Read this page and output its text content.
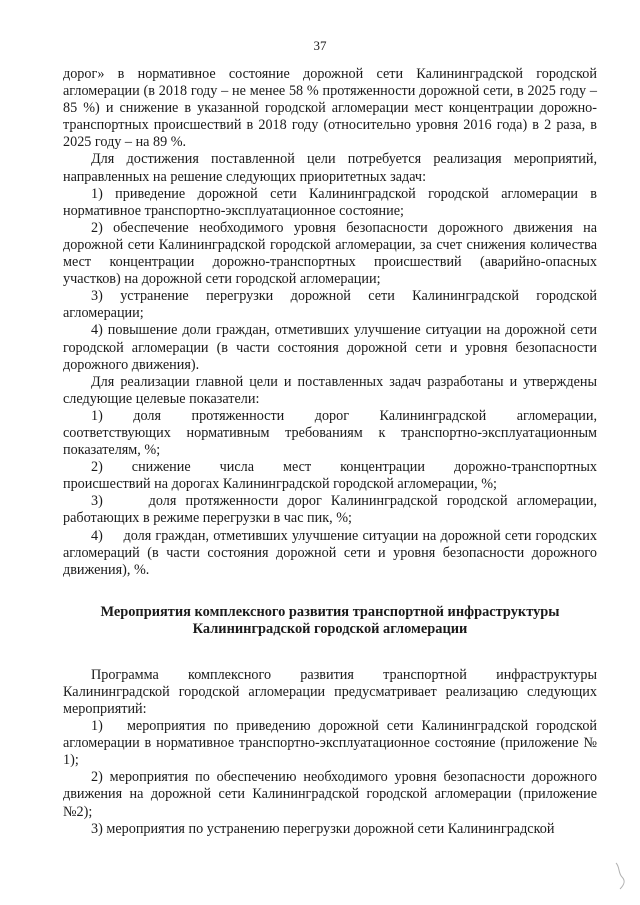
37

дорог» в нормативное состояние дорожной сети Калининградской городской агломерации (в 2018 году – не менее 58 % протяженности дорожной сети, в 2025 году – 85 %) и снижение в указанной городской агломерации мест концентрации дорожно-транспортных происшествий в 2018 году (относительно уровня 2016 года) в 2 раза, в 2025 году – на 89 %.

Для достижения поставленной цели потребуется реализация мероприятий, направленных на решение следующих приоритетных задач:

1) приведение дорожной сети Калининградской городской агломерации в нормативное транспортно-эксплуатационное состояние;

2) обеспечение необходимого уровня безопасности дорожного движения на дорожной сети Калининградской городской агломерации, за счет снижения количества мест концентрации дорожно-транспортных происшествий (аварийно-опасных участков) на дорожной сети городской агломерации;

3) устранение перегрузки дорожной сети Калининградской городской агломерации;

4) повышение доли граждан, отметивших улучшение ситуации на дорожной сети городской агломерации (в части состояния дорожной сети и уровня безопасности дорожного движения).

Для реализации главной цели и поставленных задач разработаны и утверждены следующие целевые показатели:

1)     доля     протяженности     дорог     Калининградской     агломерации, соответствующих нормативным требованиям к транспортно-эксплуатационным показателям, %;

2)     снижение     числа     мест     концентрации     дорожно-транспортных происшествий на дорогах Калининградской городской агломерации, %;

3)     доля протяженности дорог Калининградской городской агломерации, работающих в режиме перегрузки в час пик, %;

4)     доля граждан, отметивших улучшение ситуации на дорожной сети городских агломераций (в части состояния дорожной сети и уровня безопасности дорожного движения), %.

Мероприятия комплексного развития транспортной инфраструктуры Калининградской городской агломерации

Программа комплексного развития транспортной инфраструктуры Калининградской городской агломерации предусматривает реализацию следующих мероприятий:

1)   мероприятия по приведению дорожной сети Калининградской городской агломерации в нормативное транспортно-эксплуатационное состояние (приложение № 1);

2) мероприятия по обеспечению необходимого уровня безопасности дорожного движения на дорожной сети Калининградской городской агломерации (приложение №2);

3) мероприятия по устранению перегрузки дорожной сети Калининградской
